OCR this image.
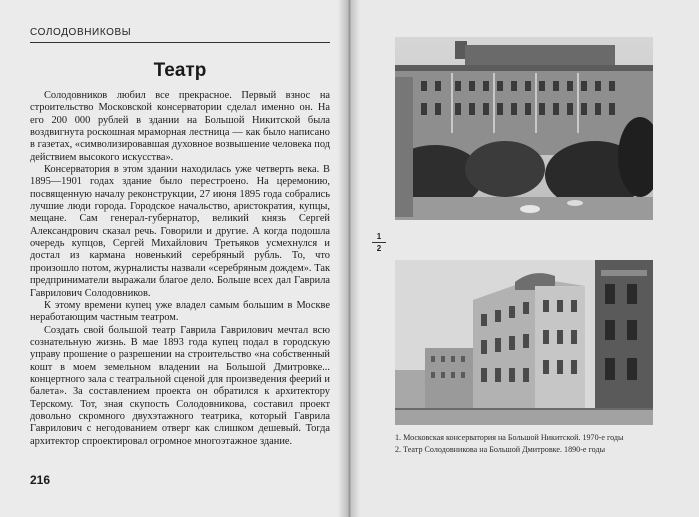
СОЛОДОВНИКОВЫ
Театр

Солодовников любил все прекрасное. Первый взнос на строительство Московской консерватории сделал именно он. На его 200 000 рублей в здании на Большой Никитской была воздвигнута роскошная мраморная лестница — как было написано в газетах, «символизировавшая духовное возвышение человека под действием высокого искусства».

Консерватория в этом здании находилась уже четверть века. В 1895—1901 годах здание было перестроено. На церемонию, посвященную началу реконструкции, 27 июня 1895 года собрались лучшие люди города. Городское начальство, аристократия, купцы, мещане. Сам генерал-губернатор, великий князь Сергей Александрович сказал речь. Говорили и другие. А когда подошла очередь купцов, Сергей Михайлович Третьяков усмехнулся и достал из кармана новенький серебряный рубль. То, что произошло потом, журналисты назвали «серебряным дождем». Так предприниматели выражали благое дело. Больше всех дал Гаврила Гаврилович Солодовников.

К этому времени купец уже владел самым большим в Москве неработающим частным театром.

Создать свой большой театр Гаврила Гаврилович мечтал всю сознательную жизнь. В мае 1893 года купец подал в городскую управу прошение о разрешении на строительство «на собственный кошт в моем земельном владении на Большой Дмитровке... концертного зала с театральной сценой для произведения феерий и балета». За составлением проекта он обратился к архитектору Терскому. Тот, зная скупость Солодовникова, составил проект довольно скромного двухэтажного театрика, который Гаврила Гаврилович с негодованием отверг как слишком дешевый. Тогда архитектор спроектировал огромное многоэтажное здание.

216
1
2
1. Московская консерватория на Большой Никитской. 1970-е годы
2. Театр Солодовникова на Большой Дмитровке. 1890-е годы
